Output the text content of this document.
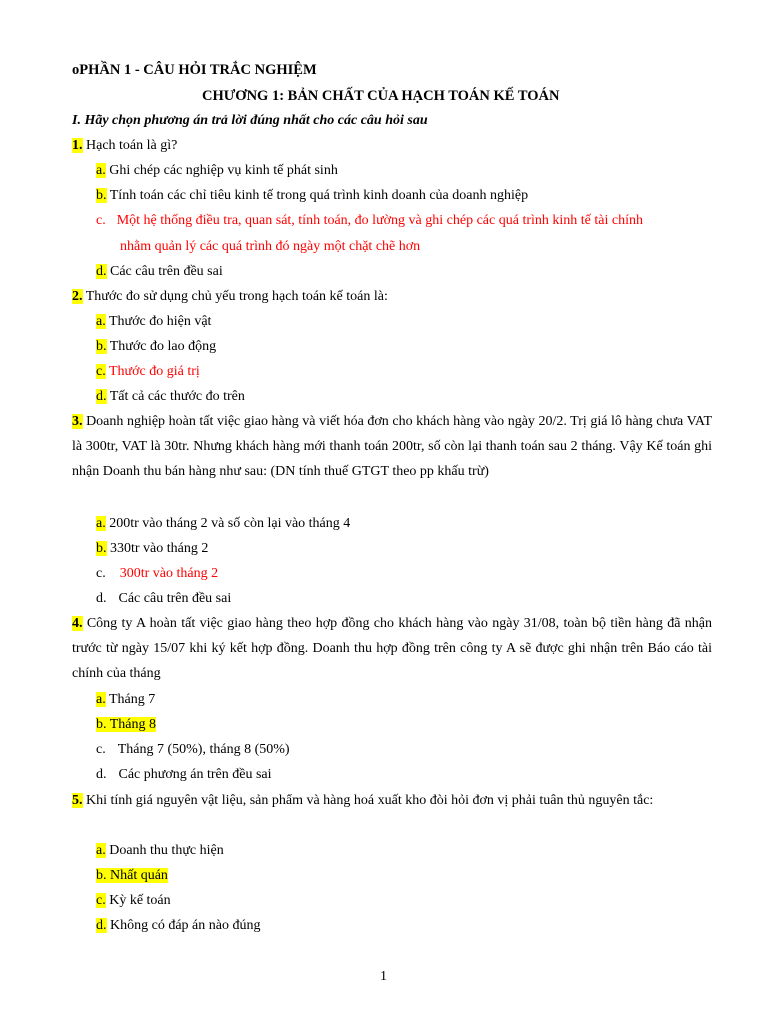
oPHẦN 1 - CÂU HỎI TRẮC NGHIỆM
CHƯƠNG 1: BẢN CHẤT CỦA HẠCH TOÁN KẾ TOÁN
I. Hãy chọn phương án trả lời đúng nhất cho các câu hỏi sau
1. Hạch toán là gì?
a. Ghi chép các nghiệp vụ kinh tế phát sinh
b. Tính toán các chỉ tiêu kinh tế trong quá trình kinh doanh của doanh nghiệp
c. Một hệ thống điều tra, quan sát, tính toán, đo lường và ghi chép các quá trình kinh tế tài chính
nhằm quản lý các quá trình đó ngày một chặt chẽ hơn
d. Các câu trên đều sai
2. Thước đo sử dụng chủ yếu trong hạch toán kế toán là:
a. Thước đo hiện vật
b. Thước đo lao động
c. Thước đo giá trị
d. Tất cả các thước đo trên
3. Doanh nghiệp hoàn tất việc giao hàng và viết hóa đơn cho khách hàng vào ngày 20/2. Trị giá lô hàng chưa VAT là 300tr, VAT là 30tr. Nhưng khách hàng mới thanh toán 200tr, số còn lại thanh toán sau 2 tháng. Vậy Kế toán ghi nhận Doanh thu bán hàng như sau: (DN tính thuế GTGT theo pp khấu trừ)
a. 200tr vào tháng 2 và số còn lại vào tháng 4
b. 330tr vào tháng 2
c. 300tr vào tháng 2
d. Các câu trên đều sai
4. Công ty A hoàn tất việc giao hàng theo hợp đồng cho khách hàng vào ngày 31/08, toàn bộ tiền hàng đã nhận trước từ ngày 15/07 khi ký kết hợp đồng. Doanh thu hợp đồng trên công ty A sẽ được ghi nhận trên Báo cáo tài chính của tháng
a. Tháng 7
b. Tháng 8
c. Tháng 7 (50%), tháng 8 (50%)
d. Các phương án trên đều sai
5. Khi tính giá nguyên vật liệu, sản phẩm và hàng hoá xuất kho đòi hỏi đơn vị phải tuân thủ nguyên tắc:
a. Doanh thu thực hiện
b. Nhất quán
c. Kỳ kế toán
d. Không có đáp án nào đúng
1
